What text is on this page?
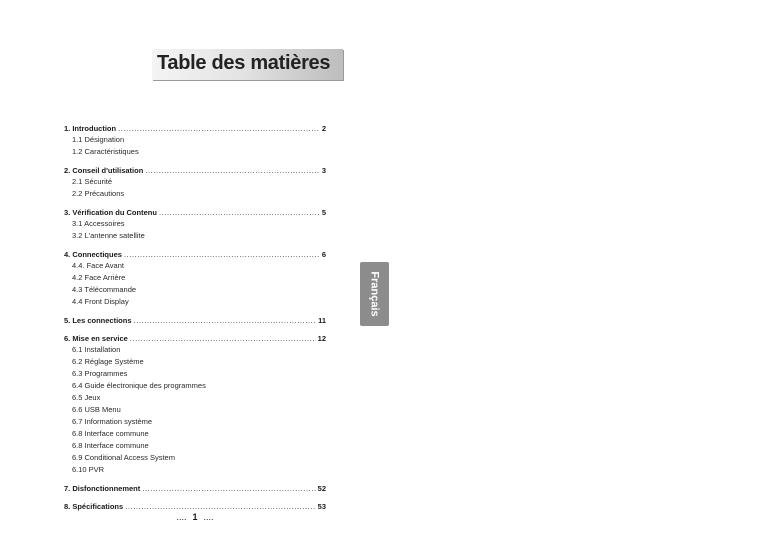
Table des matières
1. Introduction .....	2
1.1 Désignation
1.2 Caractéristiques
2. Conseil d'utilisation .....	3
2.1 Sécurité
2.2 Précautions
3. Vérification du Contenu .....	5
3.1 Accessoires
3.2 L'antenne satellite
4. Connectiques .....	6
4.4. Face Avant
4.2 Face Arrière
4.3 Télécommande
4.4 Front Display
5. Les connections .....	11
6. Mise en service .....	12
6.1 Installation
6.2 Réglage Système
6.3 Programmes
6.4 Guide électronique des programmes
6.5 Jeux
6.6 USB Menu
6.7 Information système
6.8 Interface commune
6.8 Interface commune
6.9 Conditional Access System
6.10 PVR
7. Disfonctionnement .....	52
8. Spécifications .....	53
Français
.... 1 ....
